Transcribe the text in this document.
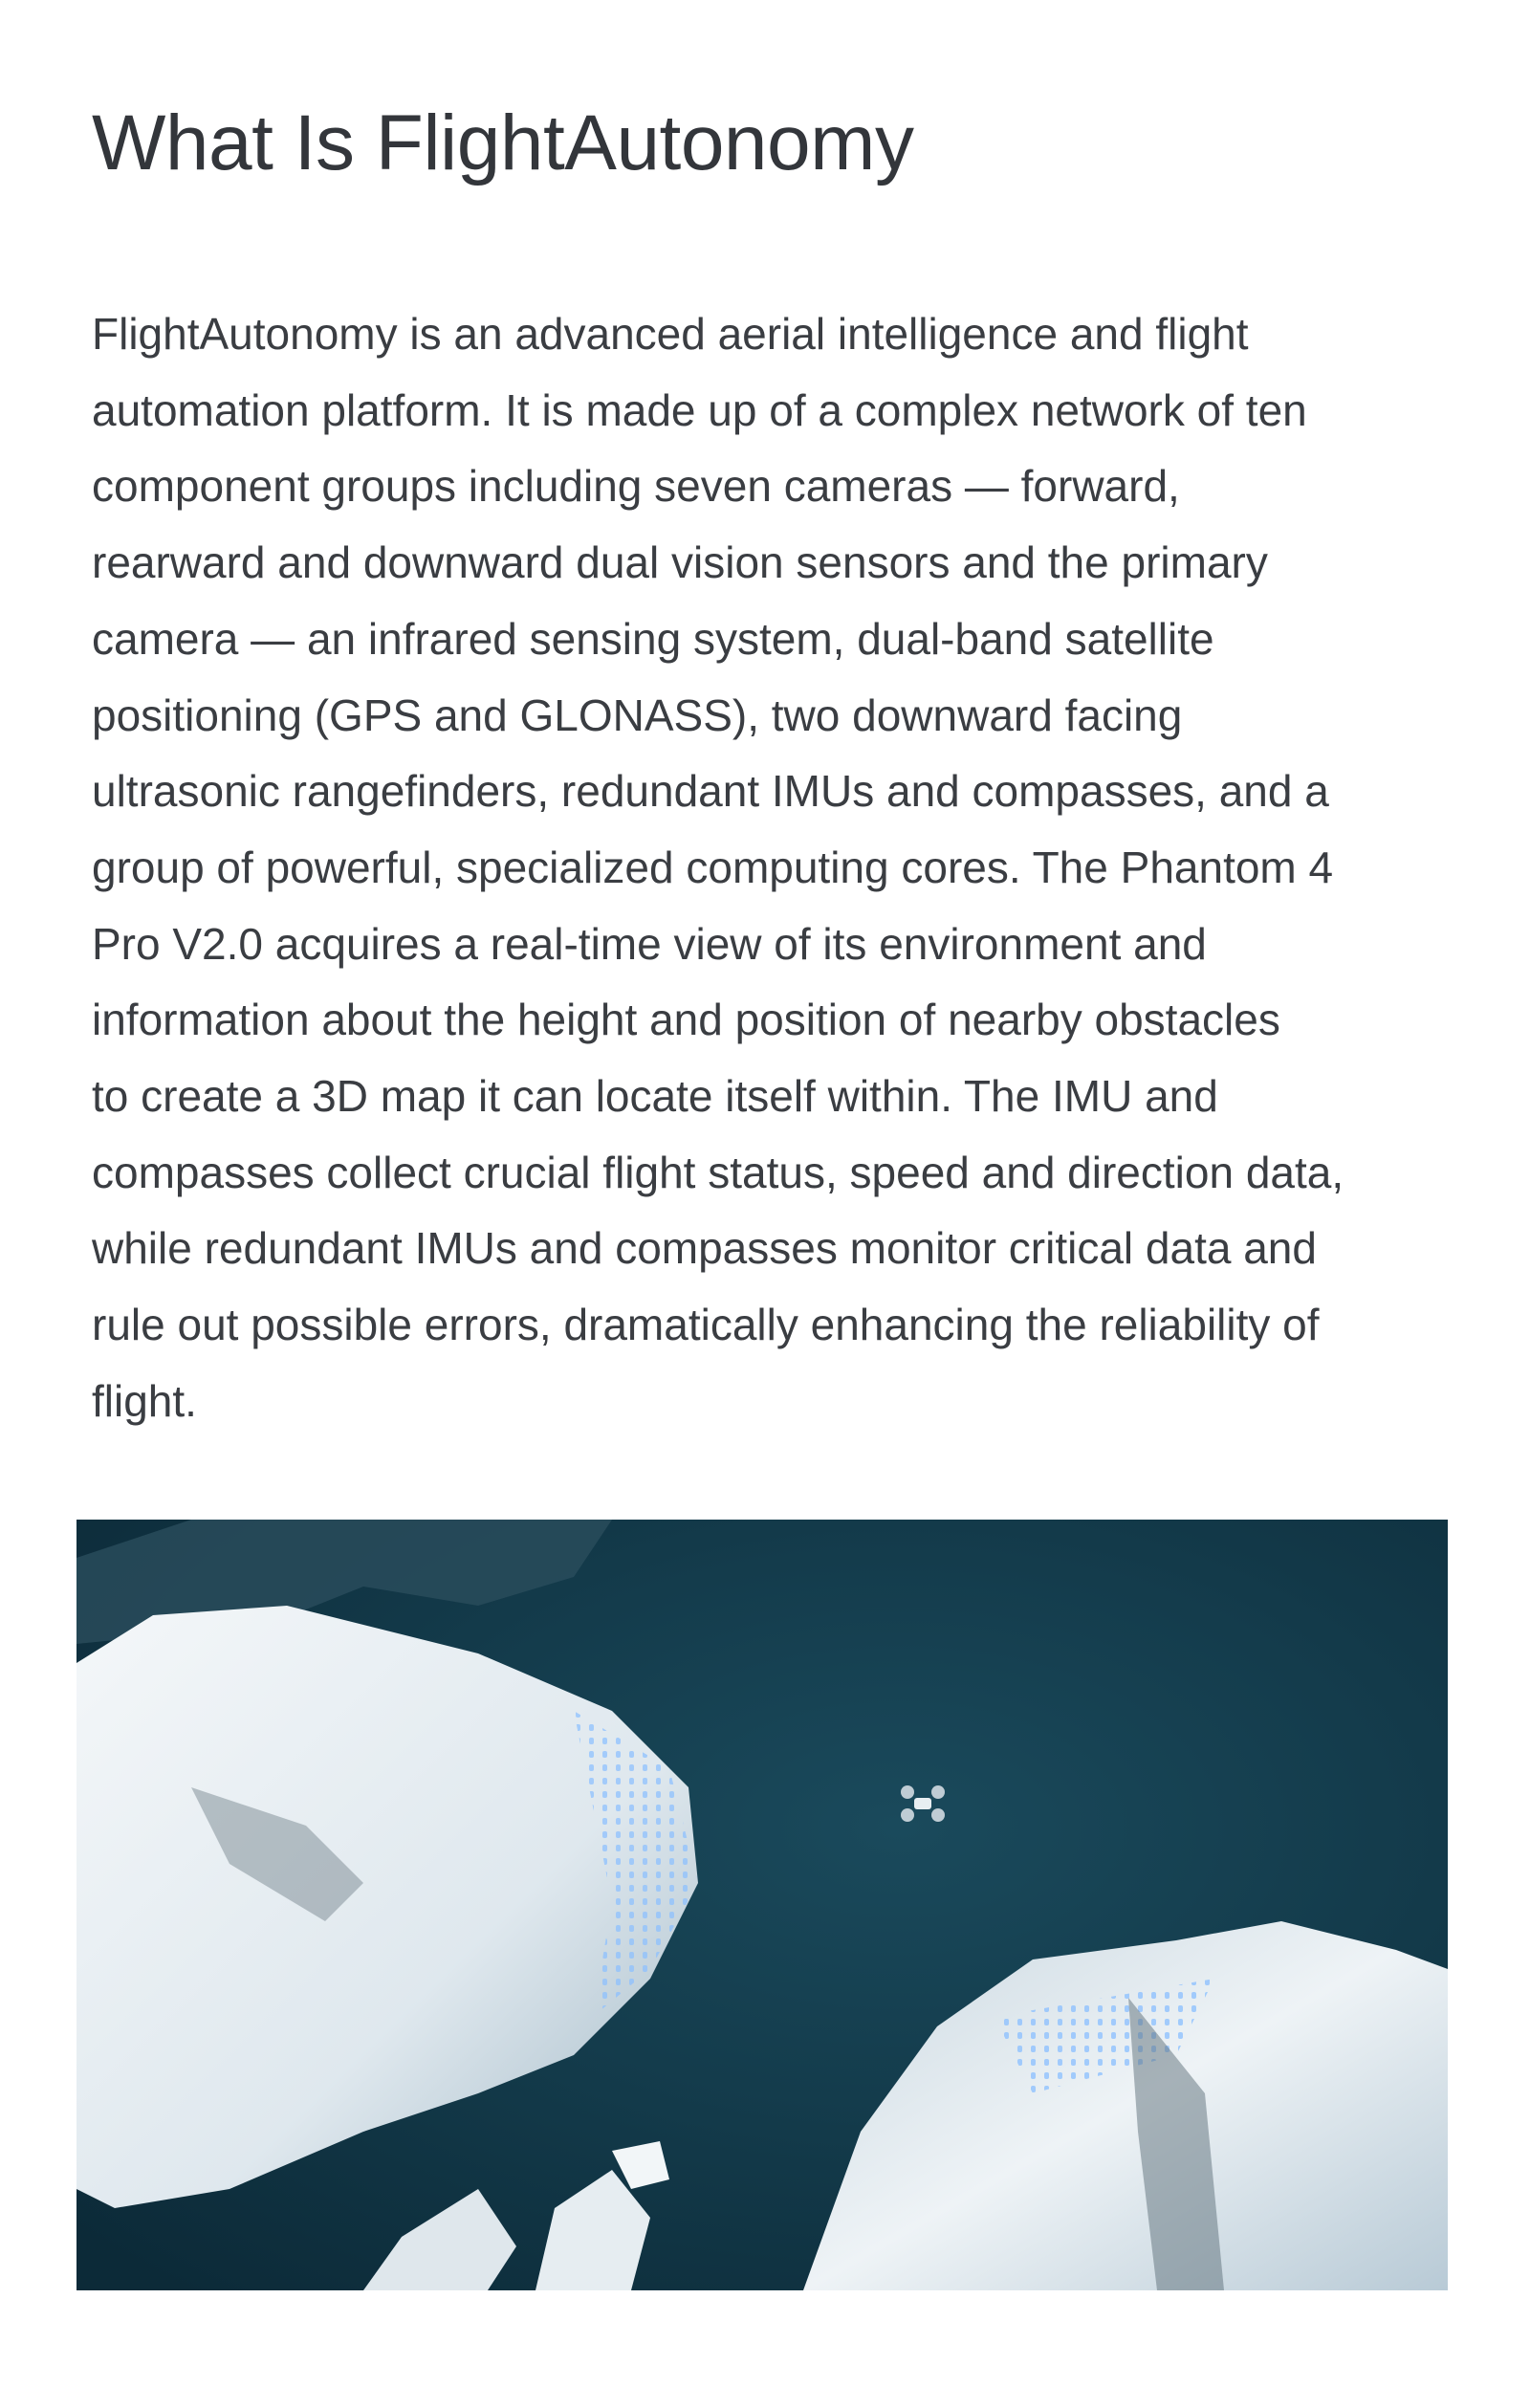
What Is FlightAutonomy
FlightAutonomy is an advanced aerial intelligence and flight
automation platform. It is made up of a complex network of ten
component groups including seven cameras — forward,
rearward and downward dual vision sensors and the primary
camera — an infrared sensing system, dual-band satellite
positioning (GPS and GLONASS), two downward facing
ultrasonic rangefinders, redundant IMUs and compasses, and a
group of powerful, specialized computing cores. The Phantom 4
Pro V2.0 acquires a real-time view of its environment and
information about the height and position of nearby obstacles
to create a 3D map it can locate itself within. The IMU and
compasses collect crucial flight status, speed and direction data,
while redundant IMUs and compasses monitor critical data and
rule out possible errors, dramatically enhancing the reliability of
flight.
